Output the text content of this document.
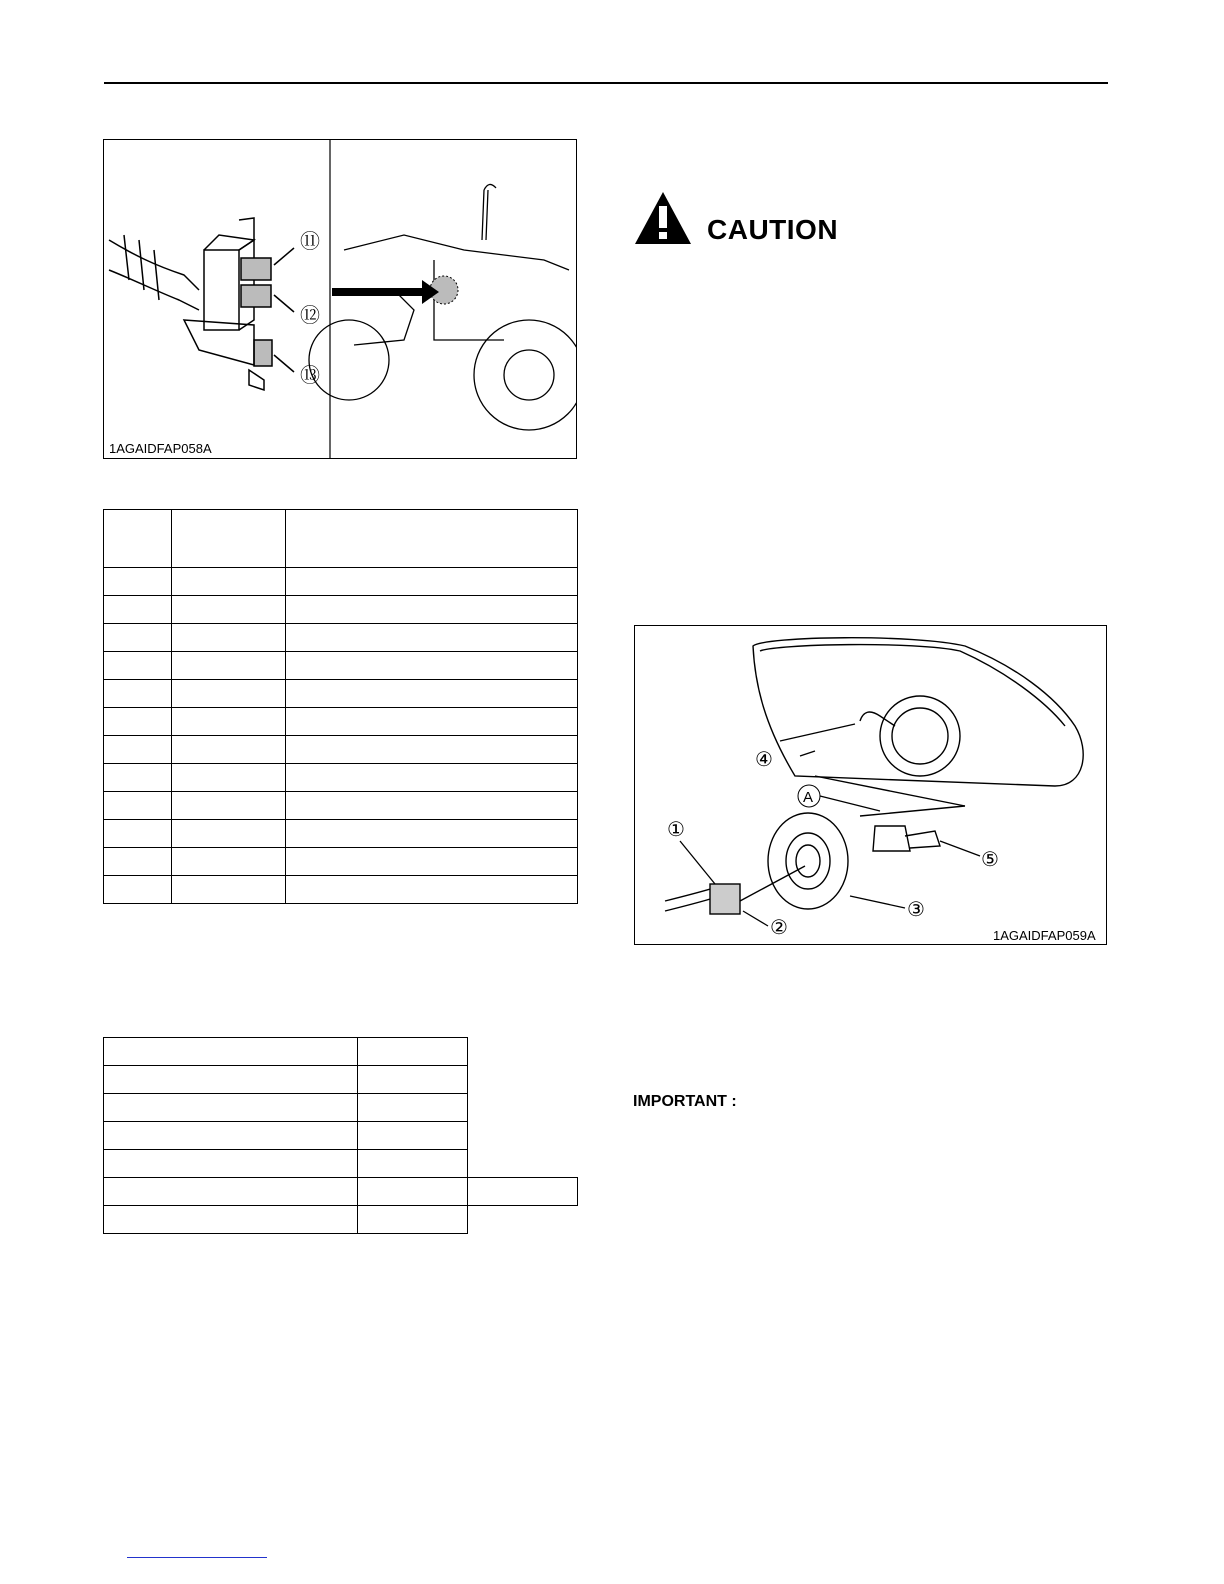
⑪
⑫
⑬
1AGAIDFAP058A

CAUTION
④
A
①
②
③
⑤
1AGAIDFAP059A
IMPORTANT :
